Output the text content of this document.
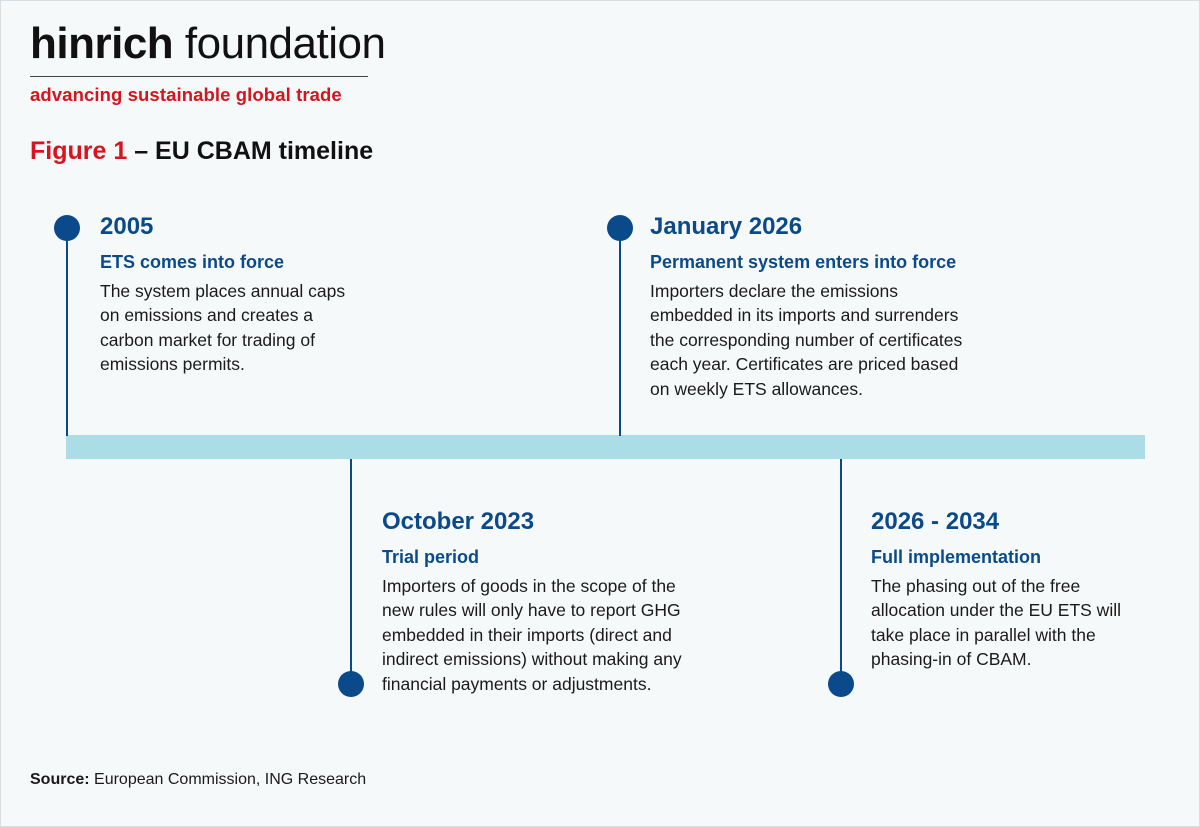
hinrich foundation
advancing sustainable global trade
Figure 1 – EU CBAM timeline
2005
ETS comes into force
The system places annual caps
on emissions and creates a
carbon market for trading of
emissions permits.
October 2023
Trial period
Importers of goods in the scope of the
new rules will only have to report GHG
embedded in their imports (direct and
indirect emissions) without making any
financial payments or adjustments.
January 2026
Permanent system enters into force
Importers declare the emissions
embedded in its imports and surrenders
the corresponding number of certificates
each year. Certificates are priced based
on weekly ETS allowances.
2026 - 2034
Full implementation
The phasing out of the free
allocation under the EU ETS will
take place in parallel with the
phasing-in of CBAM.
Source: European Commission, ING Research
